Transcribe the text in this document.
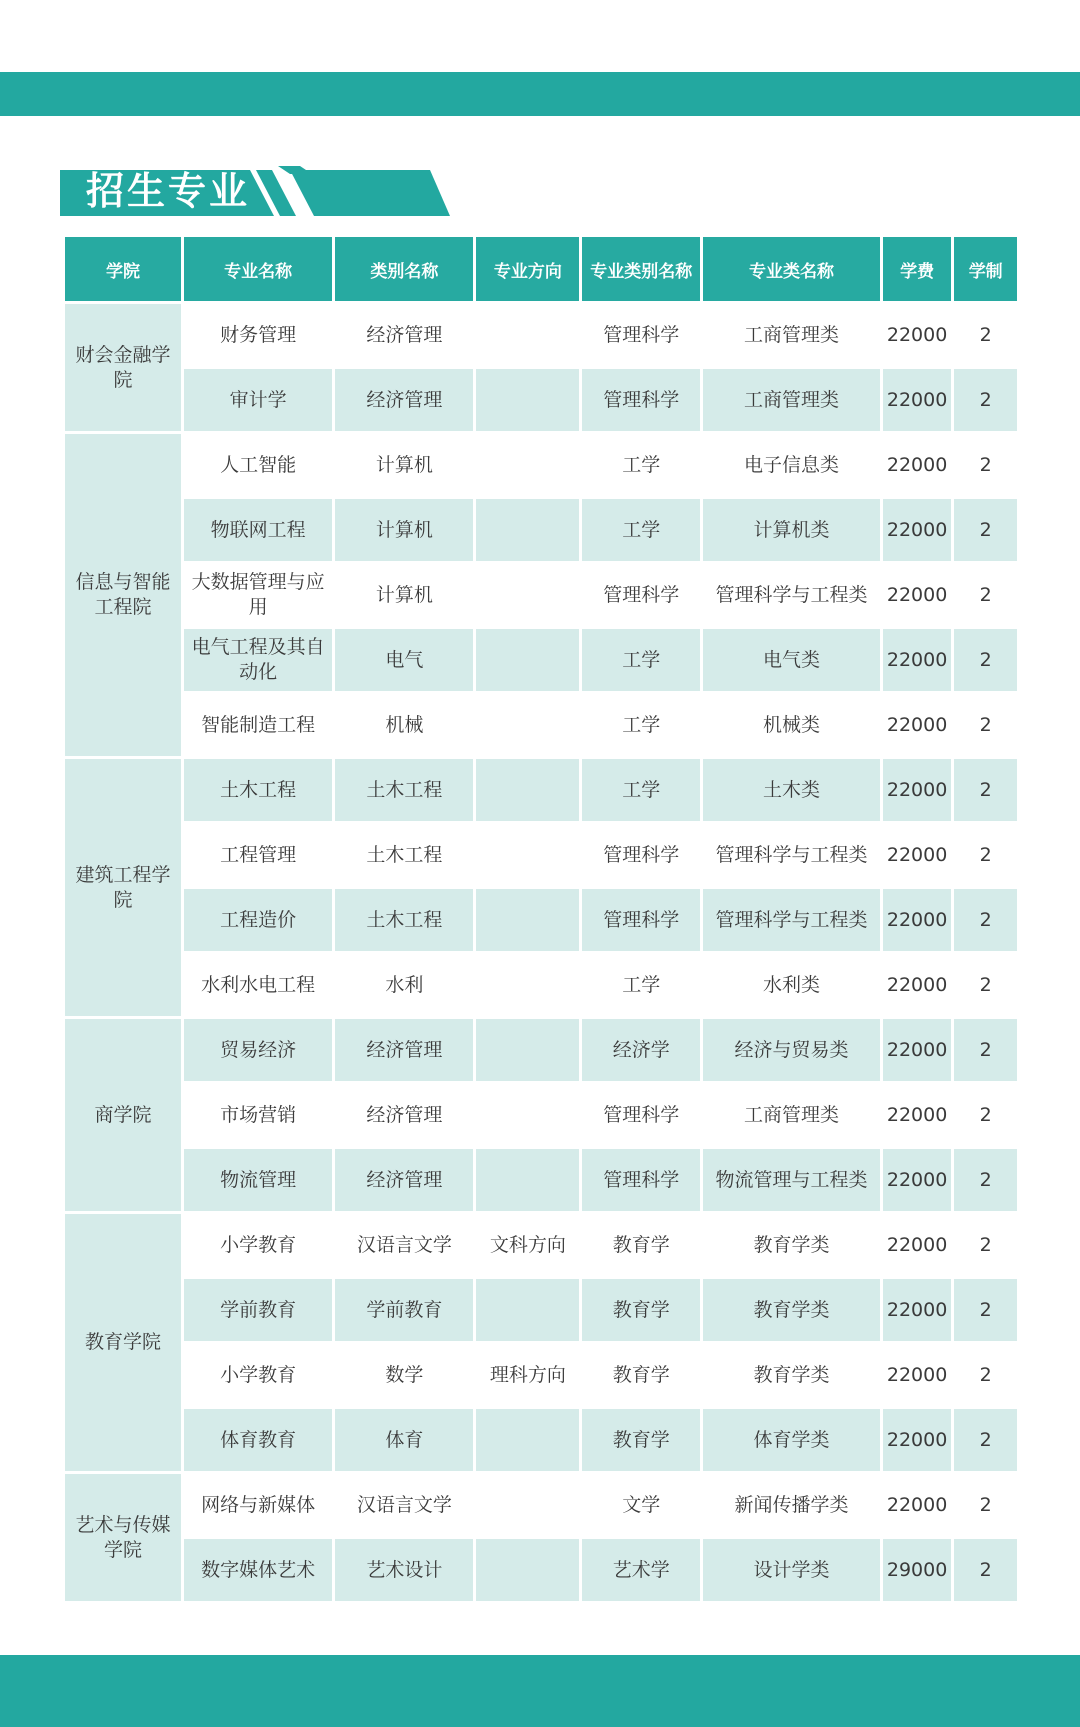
招生专业
学院	专业名称	类别名称	专业方向	专业类别名称	专业类名称	学费	学制
财会金融学院	财务管理	经济管理		管理科学	工商管理类	22000	2
	审计学	经济管理		管理科学	工商管理类	22000	2
信息与智能工程院	人工智能	计算机		工学	电子信息类	22000	2
	物联网工程	计算机		工学	计算机类	22000	2
	大数据管理与应用	计算机		管理科学	管理科学与工程类	22000	2
	电气工程及其自动化	电气		工学	电气类	22000	2
	智能制造工程	机械		工学	机械类	22000	2
建筑工程学院	土木工程	土木工程		工学	土木类	22000	2
	工程管理	土木工程		管理科学	管理科学与工程类	22000	2
	工程造价	土木工程		管理科学	管理科学与工程类	22000	2
	水利水电工程	水利		工学	水利类	22000	2
商学院	贸易经济	经济管理		经济学	经济与贸易类	22000	2
	市场营销	经济管理		管理科学	工商管理类	22000	2
	物流管理	经济管理		管理科学	物流管理与工程类	22000	2
教育学院	小学教育	汉语言文学	文科方向	教育学	教育学类	22000	2
	学前教育	学前教育		教育学	教育学类	22000	2
	小学教育	数学	理科方向	教育学	教育学类	22000	2
	体育教育	体育		教育学	体育学类	22000	2
艺术与传媒学院	网络与新媒体	汉语言文学		文学	新闻传播学类	22000	2
	数字媒体艺术	艺术设计		艺术学	设计学类	29000	2
